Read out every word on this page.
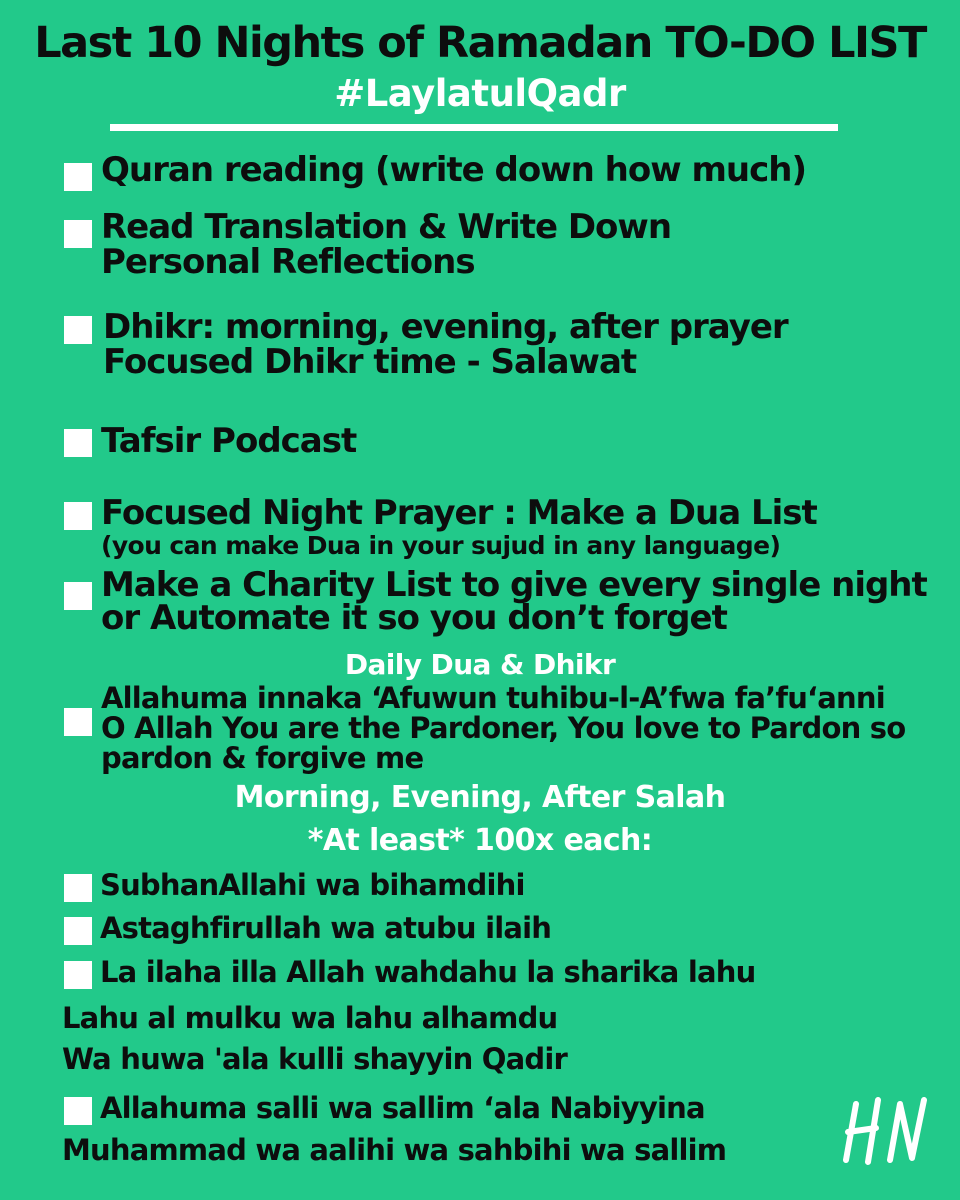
Last 10 Nights of Ramadan TO-DO LIST
#LaylatulQadr
Quran reading (write down how much)
Read Translation & Write Down
Personal Reflections
Dhikr: morning, evening, after prayer
Focused Dhikr time - Salawat
Tafsir Podcast
Focused Night Prayer : Make a Dua List
(you can make Dua in your sujud in any language)
Make a Charity List to give every single night
or Automate it so you don’t forget
Daily Dua & Dhikr
Allahuma innaka ‘Afuwun tuhibu-l-A’fwa fa’fu‘anni
O Allah You are the Pardoner, You love to Pardon so
pardon & forgive me
Morning, Evening, After Salah
*At least* 100x each:
SubhanAllahi wa bihamdihi
Astaghfirullah wa atubu ilaih
La ilaha illa Allah wahdahu la sharika lahu
Lahu al mulku wa lahu alhamdu
Wa huwa 'ala kulli shayyin Qadir
Allahuma salli wa sallim ‘ala Nabiyyina
Muhammad wa aalihi wa sahbihi wa sallim
